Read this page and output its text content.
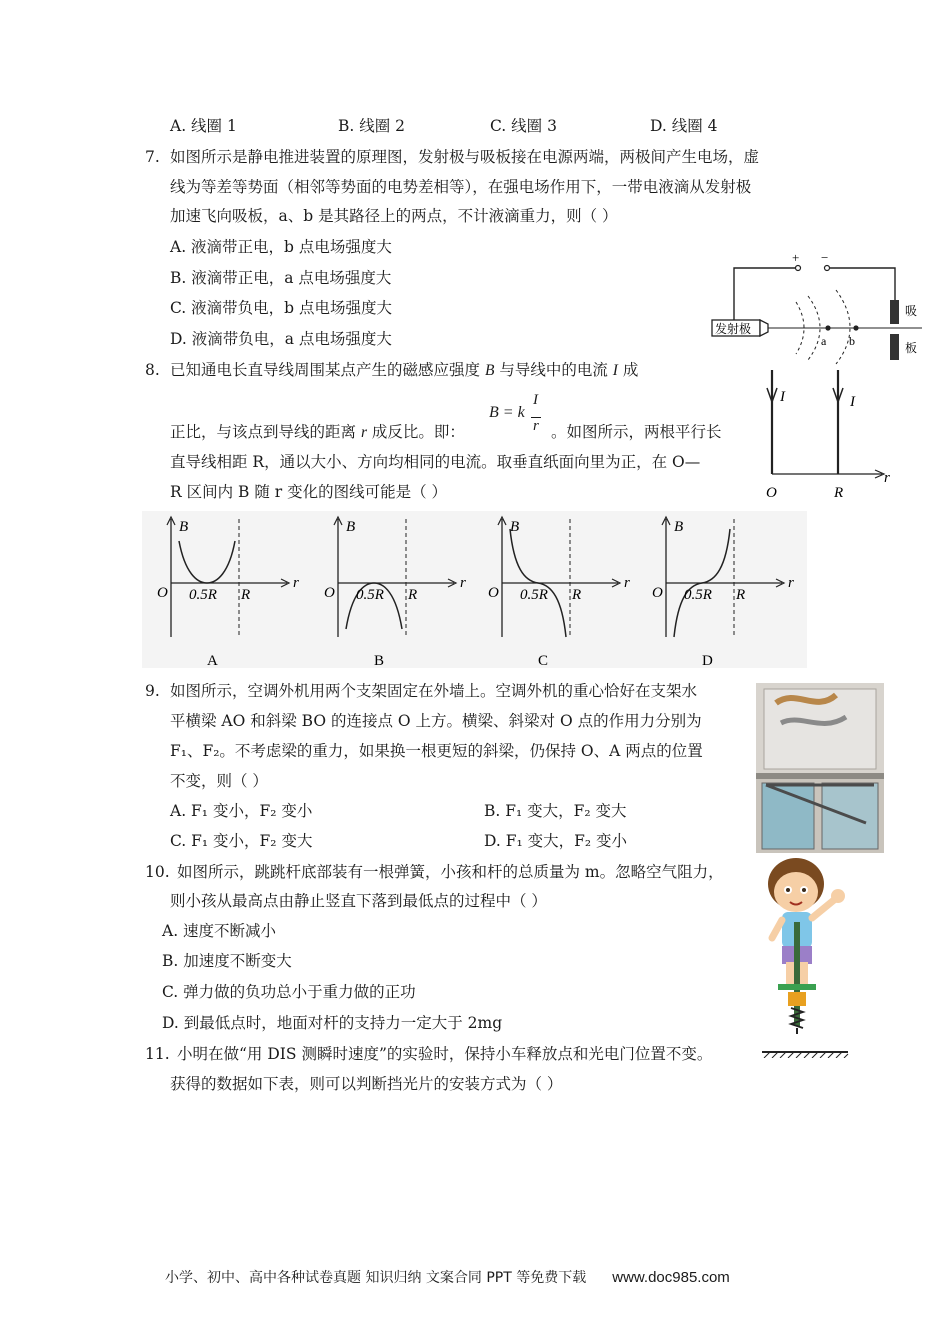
A. 线圈 1	B. 线圈 2	C. 线圈 3	D. 线圈 4
7. 如图所示是静电推进装置的原理图，发射极与吸板接在电源两端，两极间产生电场，虚
线为等差等势面（相邻等势面的电势差相等），在强电场作用下，一带电液滴从发射极
加速飞向吸板，a、b 是其路径上的两点，不计液滴重力，则（ ）
A. 液滴带正电，b 点电场强度大
B. 液滴带正电，a 点电场强度大
C. 液滴带负电，b 点电场强度大
D. 液滴带负电，a 点电场强度大
+ −
发射极
a b
吸
板
8. 已知通电长直导线周围某点产生的磁感应强度 B 与导线中的电流 I 成
正比，与该点到导线的距离 r 成反比。即：
B = k
I
r 。如图所示，两根平行长
直导线相距 R，通以大小、方向均相同的电流。取垂直纸面向里为正，在 O—
R 区间内 B 随 r 变化的图线可能是（ ）
I	I
O	R
r
B
O 0.5R R
r
A
B
O 0.5R R
r
B
B
O 0.5R R
r
C
B
O 0.5R R
r
D
9. 如图所示，空调外机用两个支架固定在外墙上。空调外机的重心恰好在支架水
平横梁 AO 和斜梁 BO 的连接点 O 上方。横梁、斜梁对 O 点的作用力分别为
F₁、F₂。不考虑梁的重力，如果换一根更短的斜梁，仍保持 O、A 两点的位置
不变，则（ ）
A. F₁ 变小，F₂ 变小	B. F₁ 变大，F₂ 变大
C. F₁ 变小，F₂ 变大	D. F₁ 变大，F₂ 变小
10. 如图所示，跳跳杆底部装有一根弹簧，小孩和杆的总质量为 m。忽略空气阻力，
则小孩从最高点由静止竖直下落到最低点的过程中（ ）
A. 速度不断减小
B. 加速度不断变大
C. 弹力做的负功总小于重力做的正功
D. 到最低点时，地面对杆的支持力一定大于 2mg
11. 小明在做“用 DIS 测瞬时速度”的实验时，保持小车释放点和光电门位置不变。
获得的数据如下表，则可以判断挡光片的安装方式为（ ）
小学、初中、高中各种试卷真题 知识归纳 文案合同 PPT 等免费下载 www.doc985.com
